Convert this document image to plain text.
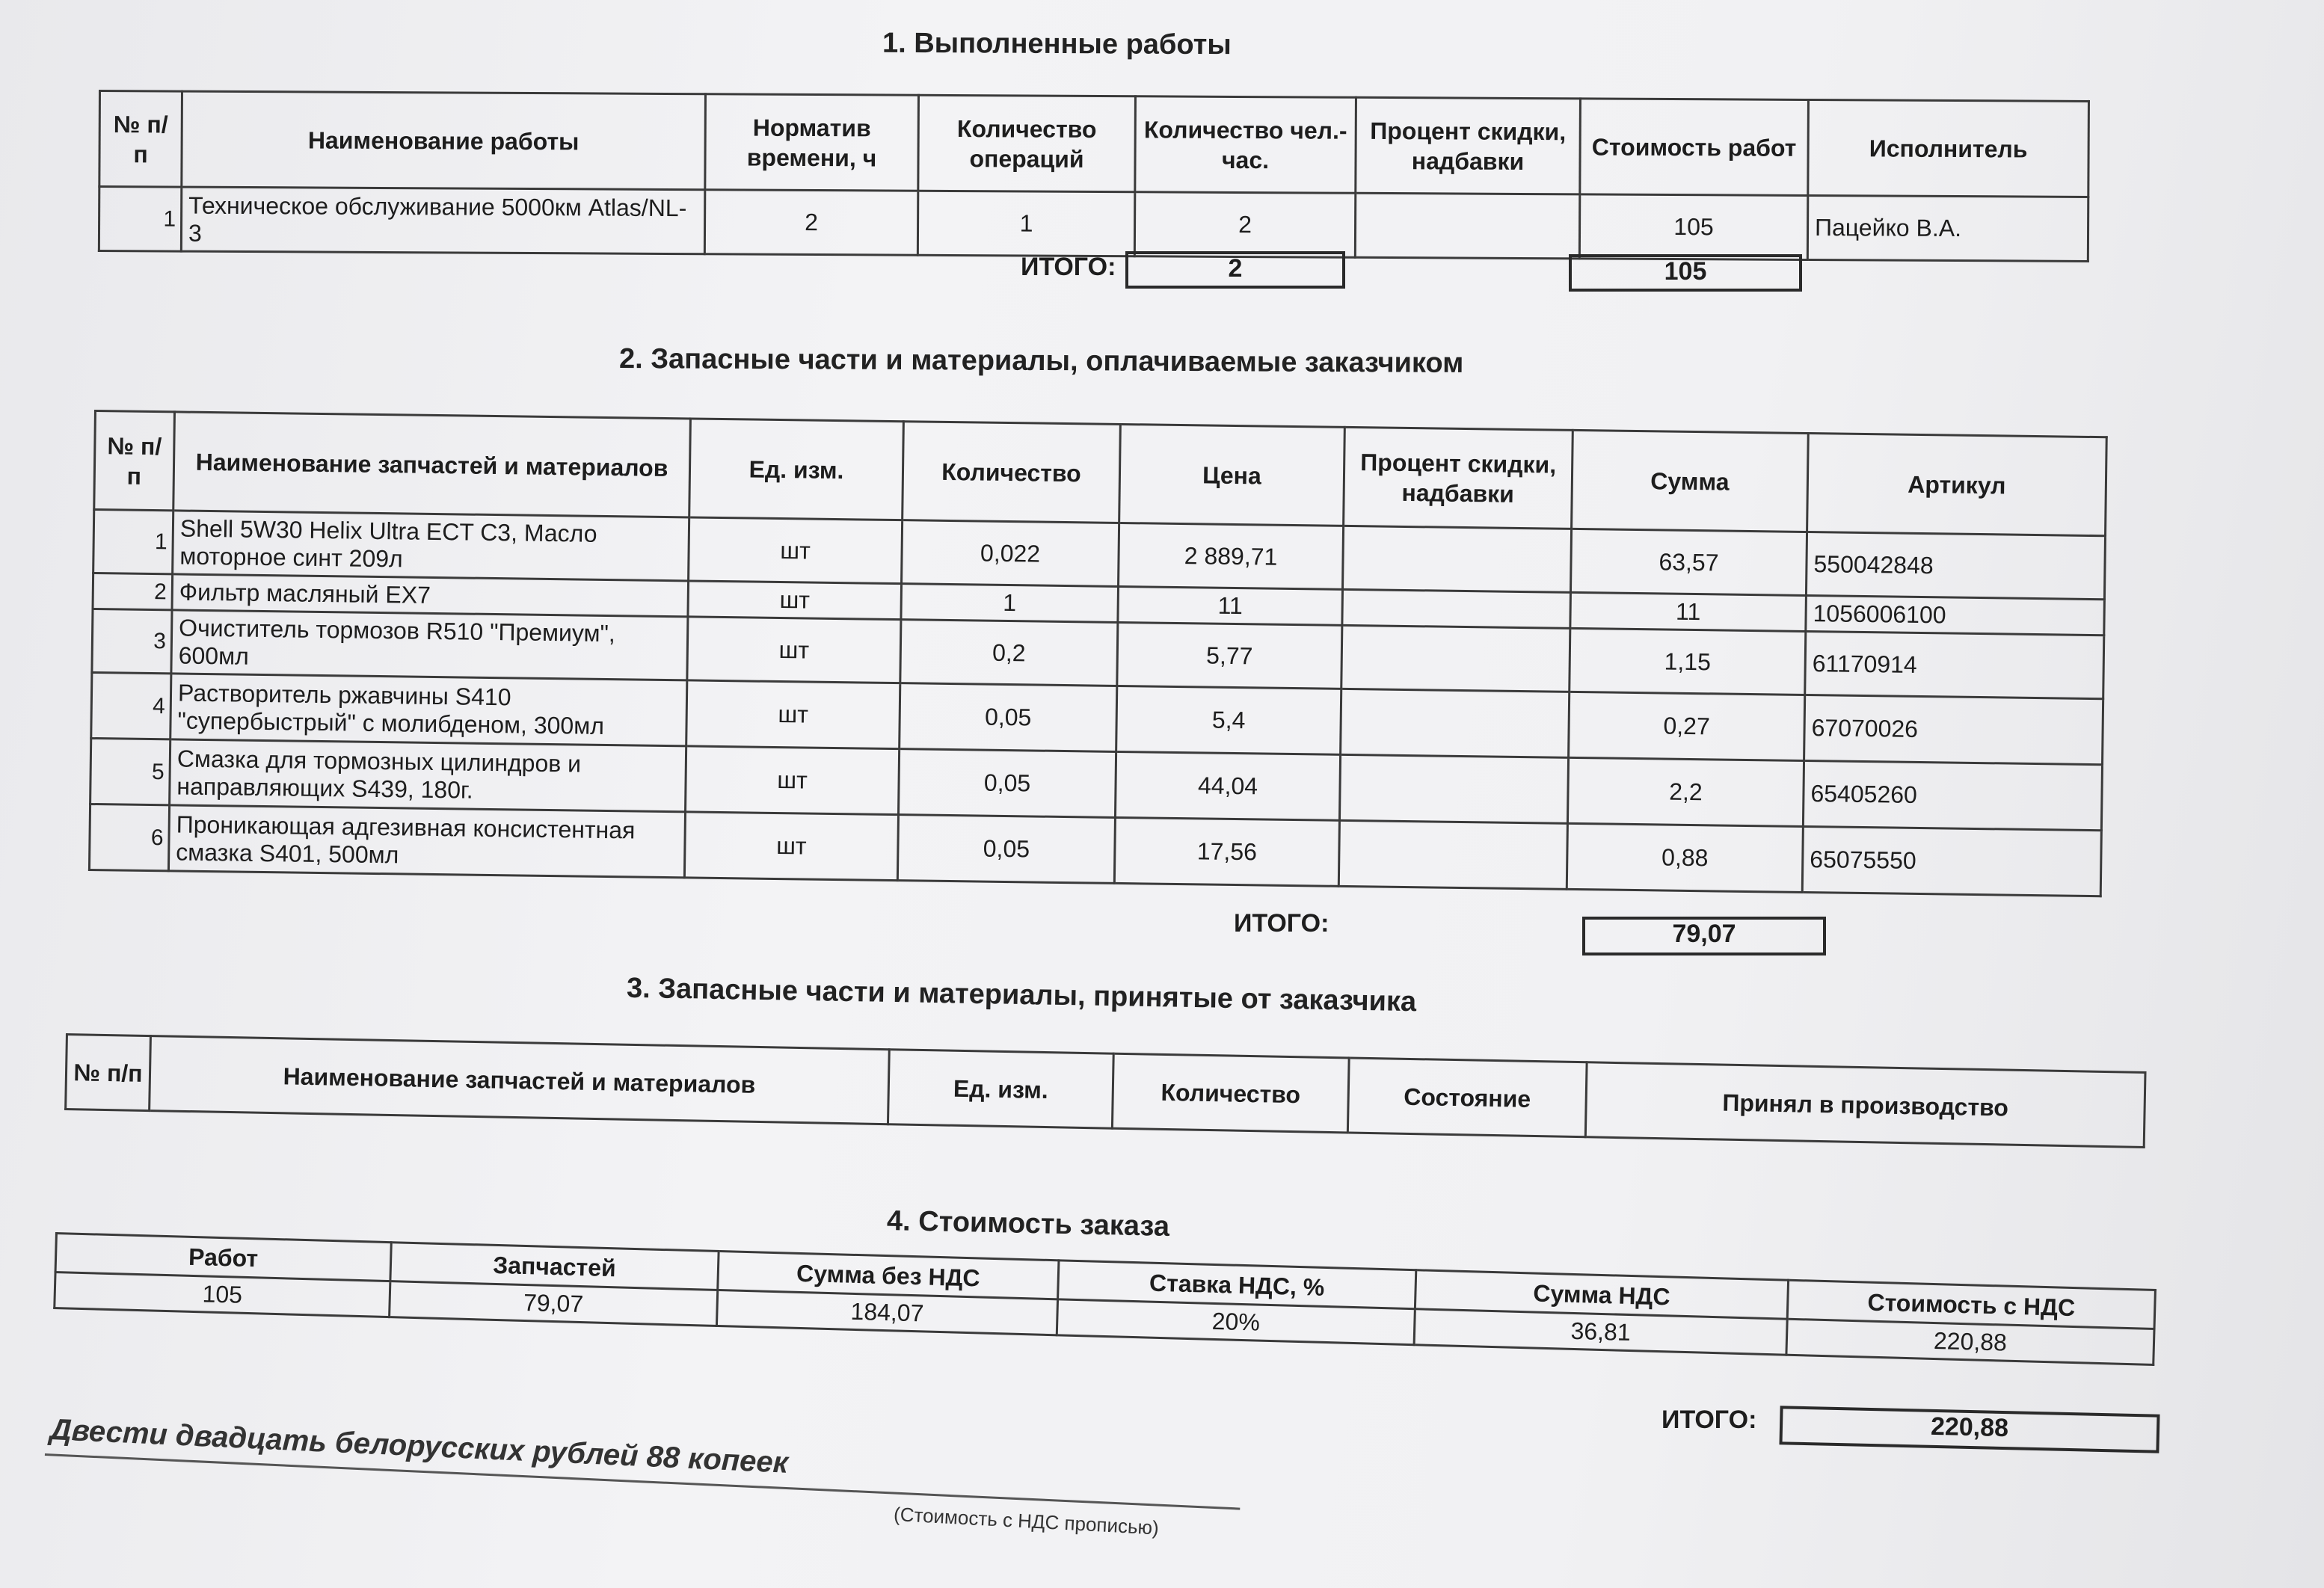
1. Выполненные работы
№ п/п	Наименование работы	Норматив времени, ч	Количество операций	Количество чел.-час.	Процент скидки, надбавки	Стоимость работ	Исполнитель
1	Техническое обслуживание 5000км Atlas/NL-3	2	1	2		105	Пацейко В.А.
ИТОГО:	2	105
2. Запасные части и материалы, оплачиваемые заказчиком
№ п/п	Наименование запчастей и материалов	Ед. изм.	Количество	Цена	Процент скидки, надбавки	Сумма	Артикул
1	Shell 5W30 Helix Ultra ECT C3, Масло моторное синт 209л	шт	0,022	2 889,71		63,57	550042848
2	Фильтр масляный EX7	шт	1	11		11	1056006100
3	Очиститель тормозов R510 "Премиум", 600мл	шт	0,2	5,77		1,15	61170914
4	Растворитель ржавчины S410 "супербыстрый" с молибденом, 300мл	шт	0,05	5,4		0,27	67070026
5	Смазка для тормозных цилиндров и направляющих S439, 180г.	шт	0,05	44,04		2,2	65405260
6	Проникающая адгезивная консистентная смазка S401, 500мл	шт	0,05	17,56		0,88	65075550
ИТОГО:	79,07
3. Запасные части и материалы, принятые от заказчика
№ п/п	Наименование запчастей и материалов	Ед. изм.	Количество	Состояние	Принял в производство
4. Стоимость заказа
Работ	Запчастей	Сумма без НДС	Ставка НДС, %	Сумма НДС	Стоимость с НДС
105	79,07	184,07	20%	36,81	220,88
ИТОГО:	220,88
Двести двадцать белорусских рублей 88 копеек
(Стоимость с НДС прописью)
